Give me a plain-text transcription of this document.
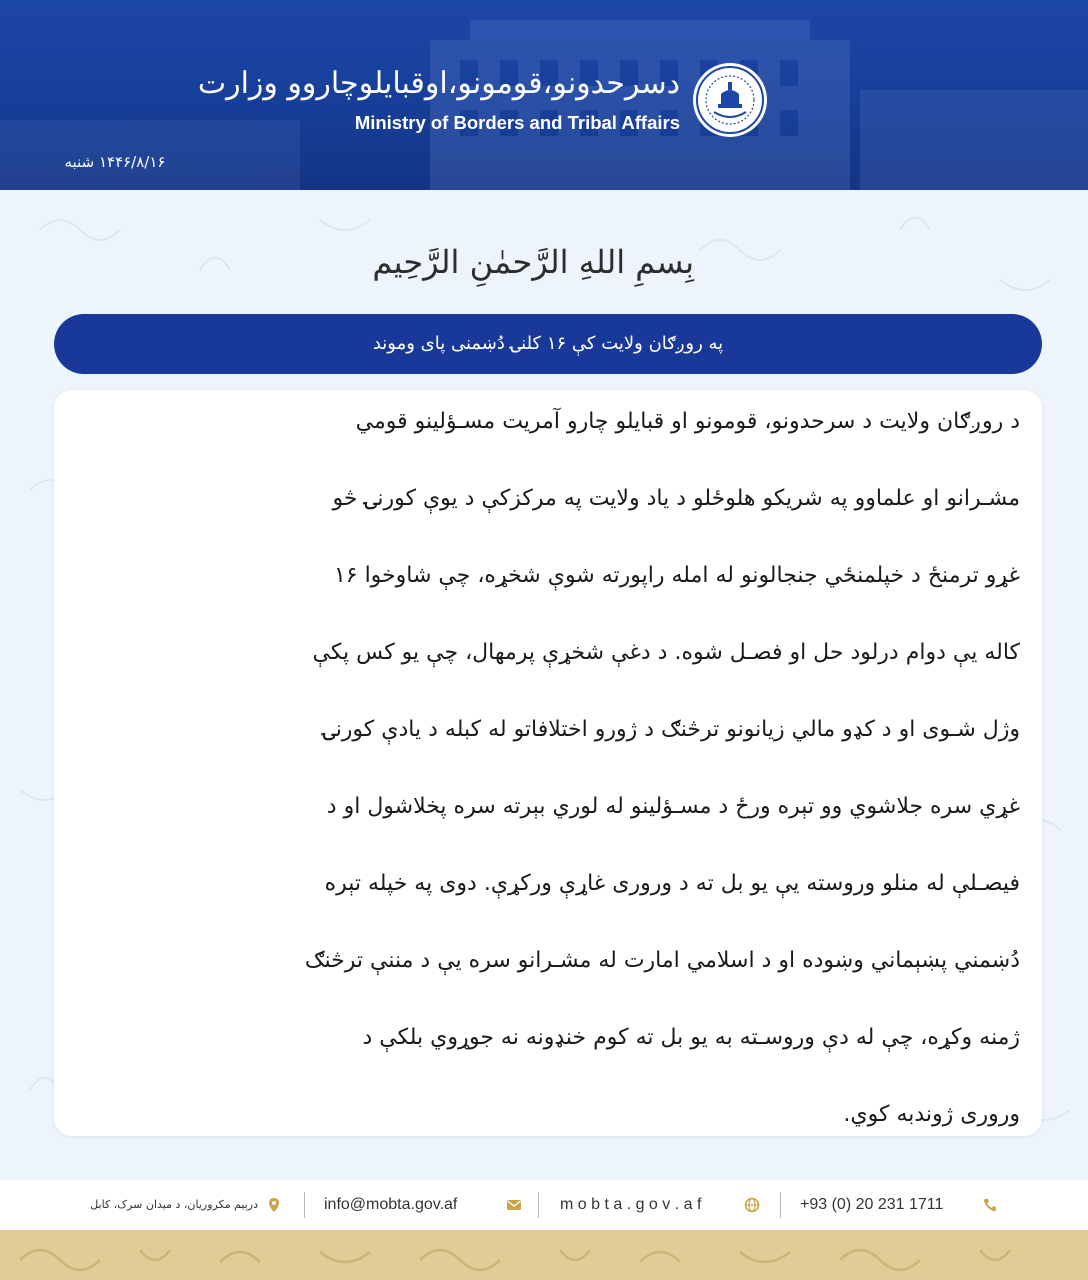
دسرحدونو،قومونو،اوقبایلوچاروو وزارت
Ministry of Borders and Tribal Affairs
۱۴۴۶/۸/۱۶ شنبه
بِسمِ اللهِ الرَّحمٰنِ الرَّحِيم
په روږګان ولایت کې ۱۶ کلنۍ دُښمنی پای وموند
د روږګان ولایت د سرحدونو، قومونو او قبایلو چارو آمریت مسـؤلینو قومي
مشـرانو او علماوو په شریکو هلوځلو د یاد ولایت په مرکزکې د یوې کورنۍ څو
غړو ترمنځ د خپلمنځي جنجالونو له امله راپورته شوې شخړه، چې شاوخوا ۱۶
کاله یې دوام درلود حل او فصـل شوه. د دغې شخړې پرمهال، چې یو کس پکې
وژل شـوی او د کډو مالي زیانونو ترڅنګ د ژورو اختلافاتو له کبله د یادې کورنۍ
غړي سره جلاشوي وو تېره ورځ د مسـؤلینو له لوري بېرته سره پخلاشول او د
فیصـلې له منلو وروسته یې یو بل ته د وروری غاړې ورکړې. دوی په خپله تېره
دُښمني پښېماني وښوده او د اسلامي امارت له مشـرانو سره یې د مننې ترڅنګ
ژمنه وکړه، چې له دې وروسـته به یو بل ته کوم خنډونه نه جوړوي بلکې د
وروری ژوندبه کوي.
+93 (0) 20 231 1711
m o b t a . g o v . a f
info@mobta.gov.af
درېیم مکروریان، د میدان سرک، کابل
